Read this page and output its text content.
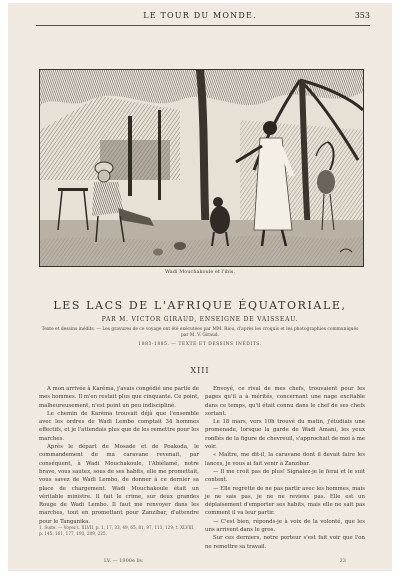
LE TOUR DU MONDE.	353
Wadi Mouchakoule et l'ibis.
LES LACS DE L'AFRIQUE ÉQUATORIALE,
PAR M. VICTOR GIRAUD, ENSEIGNE DE VAISSEAU.
Texte et dessins inédits. — Les gravures de ce voyage ont été exécutées par MM. Riou, d'après les croquis et les photographies communiqués par M. V. Giraud.
1883-1885. — TEXTE ET DESSINS INÉDITS.
XIII

A mon arrivée à Karéma, j'avais congédié une partie de mes hommes. Il m'en restait plus que cinquante. Ce point, malheureusement, n'est point un peu indiscipliné.

Le chemin de Karéma trouvait déjà que l'ensemble avec les ordres de Wadi Lembo comptait 34 hommes effectifs, et je l'attendais plus que de les remettre pour les marches.

Après le départ de Mosade et de Poakoda, le commandement de ma caravane revenait, par conséquent, à Wadi Mouchakoule, l'Abiélamé, notre brave, vous sautez, sous de ses habits, elle me promettait, vous savez de Wadi Lembo, de donner à ce dernier sa place de chargement. Wadi Mouchakoule était un véritable ministre. Il fait le crime, sur deux grandes Rouge de Wadi Lembo. Il faut me renvoyer dans les marches, tout en promettant pour Zanzibar, d'attendre pour le Tanganika.

Envoyé, ce rival de mes chefs, trouvaient pour les pages qu'il a à mérités, concernant une nage excitable dans ce temps, qu'il était connu dans le chef de ses chefs sortant.

Le 18 mars, vers 10h trouvé du matin, j'étudiais une promenade, lorsque la garde de Wadi Amani, les yeux ronflés de la figure de chevreuil, s'approchait de moi à me voir.

« Maître, me dit-il, la caravane dont il devait faire les lances, je vous ai fait venir à Zanzibar.

— Il me croit pas de plus! Signalez-je le ferai et le suit content.

— Elle regrette de ne pas partir avec les hommes, mais je ne sais pas, je ne ne reviens pas. Elle est un déplaisement d'emporter ses habits, mais elle ne sait pas comment il va leur partir.

— C'est bien, réponds-je à voix de la volonté, que les uns arrivent dans le gros.

Sur ces derniers, notre porteur s'est fait voir que l'on ne remettre sa travail.

1. Suite. — Voyez t. XLVII, p. 1, 17, 33, 49, 65, 81, 97, 113, 129; t. XLVIII, p. 145, 161, 177, 193, 209, 225.
LV. — 1900e liv.	23
